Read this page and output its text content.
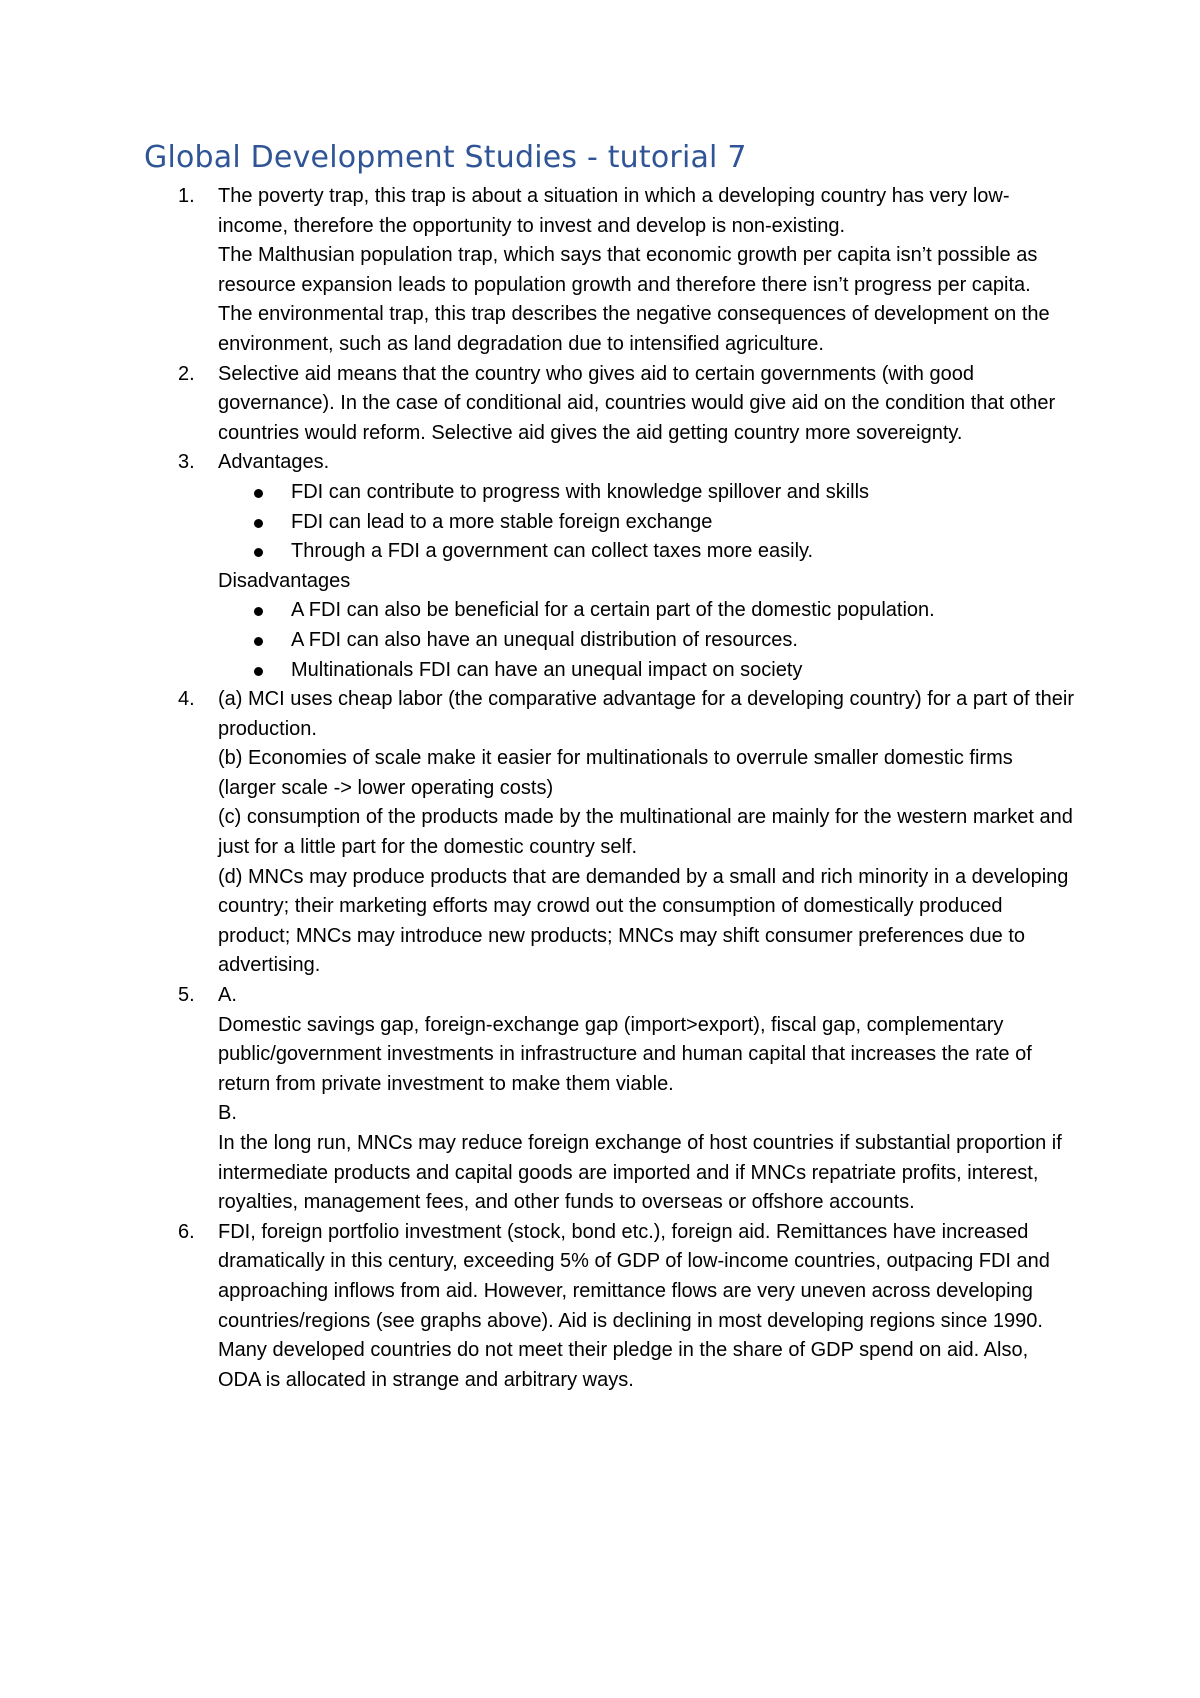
Global Development Studies - tutorial 7
1. The poverty trap, this trap is about a situation in which a developing country has very low-income, therefore the opportunity to invest and develop is non-existing.
The Malthusian population trap, which says that economic growth per capita isn’t possible as resource expansion leads to population growth and therefore there isn’t progress per capita.
The environmental trap, this trap describes the negative consequences of development on the environment, such as land degradation due to intensified agriculture.
2. Selective aid means that the country who gives aid to certain governments (with good governance). In the case of conditional aid, countries would give aid on the condition that other countries would reform. Selective aid gives the aid getting country more sovereignty.
3. Advantages.
FDI can contribute to progress with knowledge spillover and skills
FDI can lead to a more stable foreign exchange
Through a FDI a government can collect taxes more easily.
Disadvantages
A FDI can also be beneficial for a certain part of the domestic population.
A FDI can also have an unequal distribution of resources.
Multinationals FDI can have an unequal impact on society
4. (a) MCI uses cheap labor (the comparative advantage for a developing country) for a part of their production.
(b) Economies of scale make it easier for multinationals to overrule smaller domestic firms (larger scale -> lower operating costs)
(c) consumption of the products made by the multinational are mainly for the western market and just for a little part for the domestic country self.
(d) MNCs may produce products that are demanded by a small and rich minority in a developing country; their marketing efforts may crowd out the consumption of domestically produced product; MNCs may introduce new products; MNCs may shift consumer preferences due to advertising.
5. A.
Domestic savings gap, foreign-exchange gap (import>export), fiscal gap, complementary public/government investments in infrastructure and human capital that increases the rate of return from private investment to make them viable.
B.
In the long run, MNCs may reduce foreign exchange of host countries if substantial proportion if intermediate products and capital goods are imported and if MNCs repatriate profits, interest, royalties, management fees, and other funds to overseas or offshore accounts.
6. FDI, foreign portfolio investment (stock, bond etc.), foreign aid. Remittances have increased dramatically in this century, exceeding 5% of GDP of low-income countries, outpacing FDI and approaching inflows from aid. However, remittance flows are very uneven across developing countries/regions (see graphs above). Aid is declining in most developing regions since 1990. Many developed countries do not meet their pledge in the share of GDP spend on aid. Also, ODA is allocated in strange and arbitrary ways.
